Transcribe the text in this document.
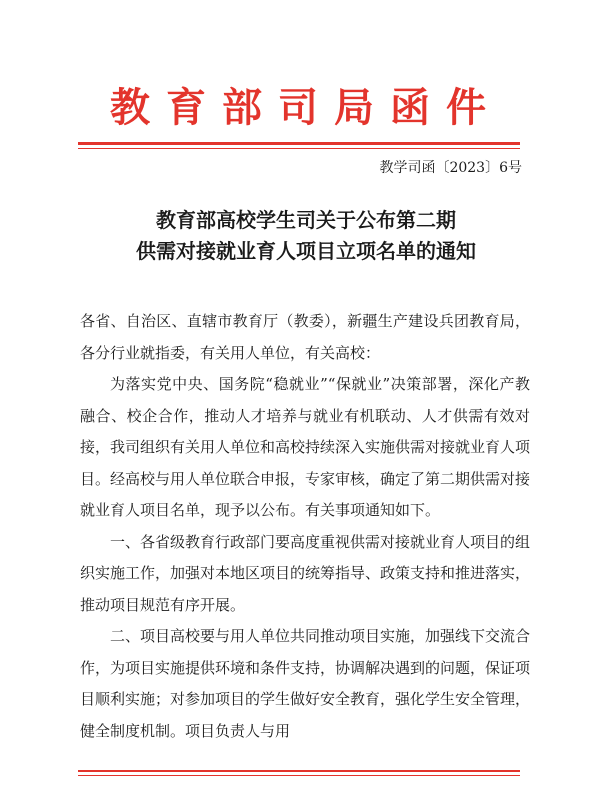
教育部司局函件
教学司函〔2023〕6号
教育部高校学生司关于公布第二期
供需对接就业育人项目立项名单的通知

各省、自治区、直辖市教育厅（教委），新疆生产建设兵团教育局，各分行业就指委，有关用人单位，有关高校：

为落实党中央、国务院“稳就业”“保就业”决策部署，深化产教融合、校企合作，推动人才培养与就业有机联动、人才供需有效对接，我司组织有关用人单位和高校持续深入实施供需对接就业育人项目。经高校与用人单位联合申报，专家审核，确定了第二期供需对接就业育人项目名单，现予以公布。有关事项通知如下。

一、各省级教育行政部门要高度重视供需对接就业育人项目的组织实施工作，加强对本地区项目的统筹指导、政策支持和推进落实，推动项目规范有序开展。

二、项目高校要与用人单位共同推动项目实施，加强线下交流合作，为项目实施提供环境和条件支持，协调解决遇到的问题，保证项目顺利实施；对参加项目的学生做好安全教育，强化学生安全管理，健全制度机制。项目负责人与用
